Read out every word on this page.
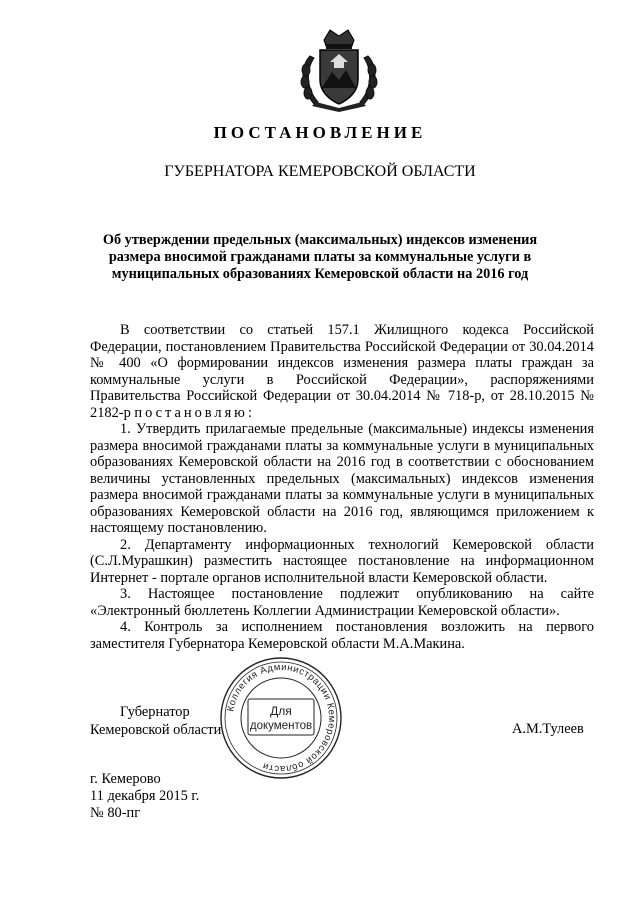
ПОСТАНОВЛЕНИЕ
ГУБЕРНАТОРА КЕМЕРОВСКОЙ ОБЛАСТИ
Об утверждении предельных (максимальных) индексов изменения
размера вносимой гражданами платы за коммунальные услуги в
муниципальных образованиях Кемеровской области на 2016 год

В соответствии со статьей 157.1 Жилищного кодекса Российской Федерации, постановлением Правительства Российской Федерации от 30.04.2014 № 400 «О формировании индексов изменения размера платы граждан за коммунальные услуги в Российской Федерации», распоряжениями Правительства Российской Федерации от 30.04.2014 № 718-р, от 28.10.2015 № 2182-р постановляю:

1. Утвердить прилагаемые предельные (максимальные) индексы изменения размера вносимой гражданами платы за коммунальные услуги в муниципальных образованиях Кемеровской области на 2016 год в соответствии с обоснованием величины установленных предельных (максимальных) индексов изменения размера вносимой гражданами платы за коммунальные услуги в муниципальных образованиях Кемеровской области на 2016 год, являющимся приложением к настоящему постановлению.

2. Департаменту информационных технологий Кемеровской области (С.Л.Мурашкин) разместить настоящее постановление на информационном Интернет - портале органов исполнительной власти Кемеровской области.

3. Настоящее постановление подлежит опубликованию на сайте «Электронный бюллетень Коллегии Администрации Кемеровской области».

4. Контроль за исполнением постановления возложить на первого заместителя Губернатора Кемеровской области М.А.Макина.

Губернатор
Кемеровской области	А.М.Тулеев
Коллегия Администрации Кемеровской области
Для
документов
г. Кемерово
11 декабря 2015 г.
№ 80-пг
